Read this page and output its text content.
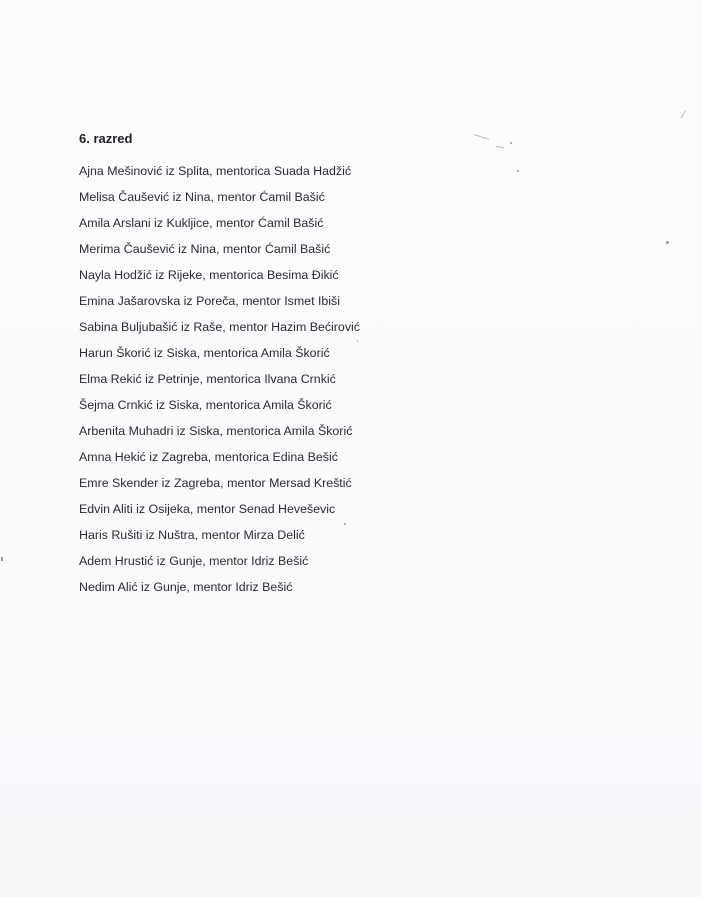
6. razred
Ajna Mešinović iz Splita, mentorica Suada Hadžić
Melisa Čaušević iz Nina, mentor Ćamil Bašić
Amila Arslani iz Kukljice, mentor Ćamil Bašić
Merima Čaušević iz Nina, mentor Ćamil Bašić
Nayla Hodžić iz Rijeke, mentorica Besima Đikić
Emina Jašarovska iz Poreča, mentor Ismet Ibiši
Sabina Buljubašić iz Raše, mentor Hazim Bećirović
Harun Škorić iz Siska, mentorica Amila Škorić
Elma Rekić iz Petrinje, mentorica Ilvana Crnkić
Šejma Crnkić iz Siska, mentorica Amila Škorić
Arbenita Muhadri iz Siska, mentorica Amila Škorić
Amna Hekić iz Zagreba, mentorica Edina Bešić
Emre Skender iz Zagreba, mentor Mersad Kreštić
Edvin Aliti iz Osijeka, mentor Senad Heveševic
Haris Rušiti iz Nuštra, mentor Mirza Delić
Adem Hrustić iz Gunje, mentor Idriz Bešić
Nedim Alić iz Gunje, mentor Idriz Bešić
